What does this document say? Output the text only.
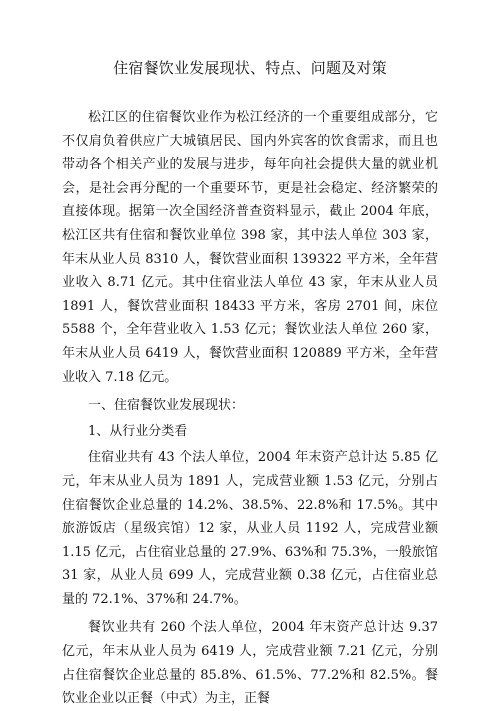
住宿餐饮业发展现状、特点、问题及对策

松江区的住宿餐饮业作为松江经济的一个重要组成部分，它不仅肩负着供应广大城镇居民、国内外宾客的饮食需求，而且也带动各个相关产业的发展与进步，每年向社会提供大量的就业机会，是社会再分配的一个重要环节，更是社会稳定、经济繁荣的直接体现。据第一次全国经济普查资料显示，截止 2004 年底，松江区共有住宿和餐饮业单位 398 家，其中法人单位 303 家，年末从业人员 8310 人，餐饮营业面积 139322 平方米，全年营业收入 8.71 亿元。其中住宿业法人单位 43 家，年末从业人员 1891 人，餐饮营业面积 18433 平方米，客房 2701 间，床位 5588 个，全年营业收入 1.53 亿元；餐饮业法人单位 260 家，年末从业人员 6419 人，餐饮营业面积 120889 平方米，全年营业收入 7.18 亿元。

一、住宿餐饮业发展现状：

1、从行业分类看

住宿业共有 43 个法人单位，2004 年末资产总计达 5.85 亿元，年末从业人员为 1891 人，完成营业额 1.53 亿元，分别占住宿餐饮企业总量的 14.2%、38.5%、22.8%和 17.5%。其中旅游饭店（星级宾馆）12 家，从业人员 1192 人，完成营业额 1.15 亿元，占住宿业总量的 27.9%、63%和 75.3%，一般旅馆 31 家，从业人员 699 人，完成营业额 0.38 亿元，占住宿业总量的 72.1%、37%和 24.7%。

餐饮业共有 260 个法人单位，2004 年末资产总计达 9.37 亿元，年末从业人员为 6419 人，完成营业额 7.21 亿元，分别占住宿餐饮企业总量的 85.8%、61.5%、77.2%和 82.5%。餐饮业企业以正餐（中式）为主，正餐
